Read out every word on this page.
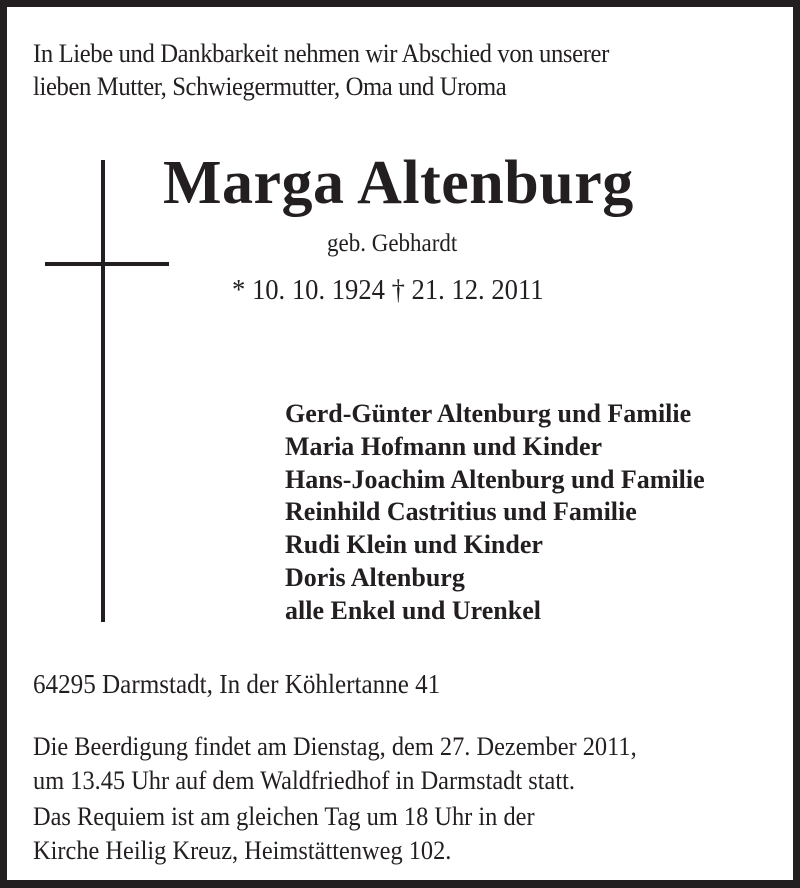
In Liebe und Dankbarkeit nehmen wir Abschied von unserer
lieben Mutter, Schwiegermutter, Oma und Uroma
Marga Altenburg
geb. Gebhardt
* 10. 10. 1924 † 21. 12. 2011
Gerd-Günter Altenburg und Familie
Maria Hofmann und Kinder
Hans-Joachim Altenburg und Familie
Reinhild Castritius und Familie
Rudi Klein und Kinder
Doris Altenburg
alle Enkel und Urenkel
64295 Darmstadt, In der Köhlertanne 41
Die Beerdigung findet am Dienstag, dem 27. Dezember 2011,
um 13.45 Uhr auf dem Waldfriedhof in Darmstadt statt.
Das Requiem ist am gleichen Tag um 18 Uhr in der
Kirche Heilig Kreuz, Heimstättenweg 102.
